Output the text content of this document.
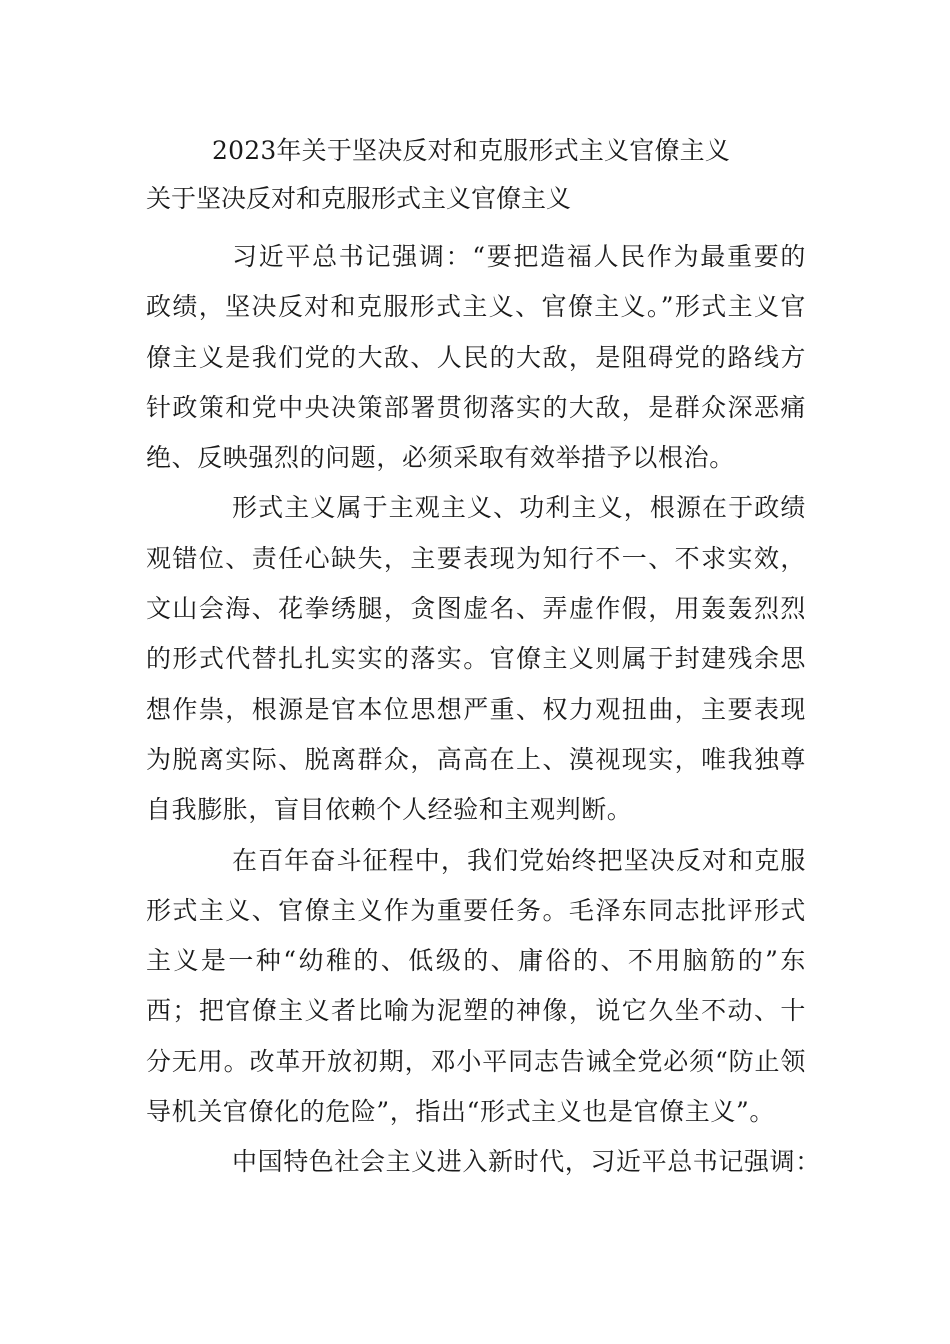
2023年关于坚决反对和克服形式主义官僚主义
关于坚决反对和克服形式主义官僚主义

习近平总书记强调：“要把造福人民作为最重要的政绩，坚决反对和克服形式主义、官僚主义。”形式主义官僚主义是我们党的大敌、人民的大敌，是阻碍党的路线方针政策和党中央决策部署贯彻落实的大敌，是群众深恶痛绝、反映强烈的问题，必须采取有效举措予以根治。

形式主义属于主观主义、功利主义，根源在于政绩观错位、责任心缺失，主要表现为知行不一、不求实效，文山会海、花拳绣腿，贪图虚名、弄虚作假，用轰轰烈烈的形式代替扎扎实实的落实。官僚主义则属于封建残余思想作祟，根源是官本位思想严重、权力观扭曲，主要表现为脱离实际、脱离群众，高高在上、漠视现实，唯我独尊自我膨胀，盲目依赖个人经验和主观判断。

在百年奋斗征程中，我们党始终把坚决反对和克服形式主义、官僚主义作为重要任务。毛泽东同志批评形式主义是一种“幼稚的、低级的、庸俗的、不用脑筋的”东西；把官僚主义者比喻为泥塑的神像，说它久坐不动、十分无用。改革开放初期，邓小平同志告诫全党必须“防止领导机关官僚化的危险”，指出“形式主义也是官僚主义”。

中国特色社会主义进入新时代，习近平总书记强调：
